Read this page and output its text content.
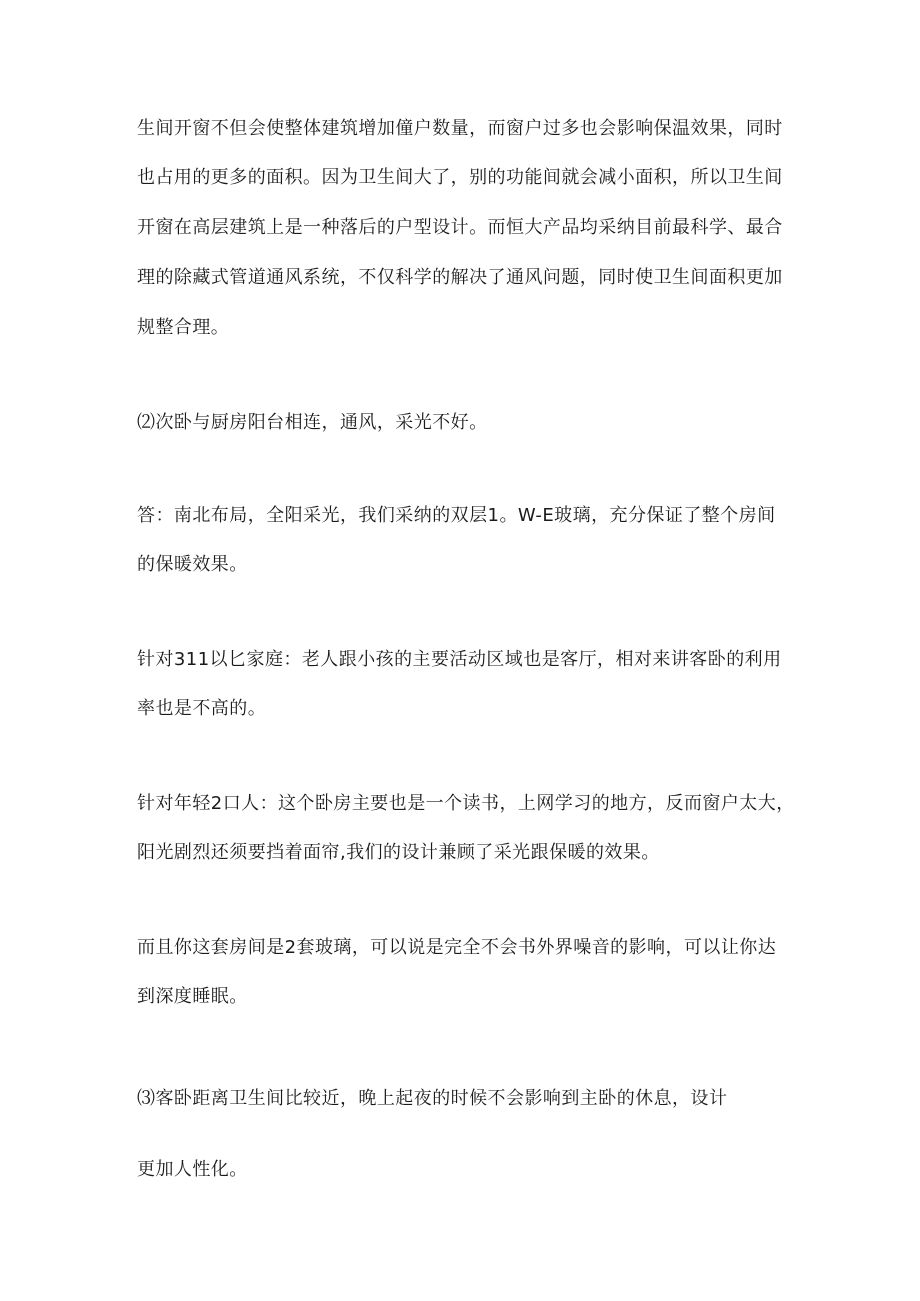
生间开窗不但会使整体建筑增加僮户数量，而窗户过多也会影响保温效果，同时
也占用的更多的面积。因为卫生间大了，别的功能间就会减小面积，所以卫生间
开窗在高层建筑上是一种落后的户型设计。而恒大产品均采纳目前最科学、最合
理的除藏式管道通风系统，不仅科学的解决了通风问题，同时使卫生间面积更加
规整合理。
⑵次卧与厨房阳台相连，通风，采光不好。
答：南北布局，全阳采光，我们采纳的双层1。W-E玻璃，充分保证了整个房间
的保暖效果。
针对311以匕家庭：老人跟小孩的主要活动区域也是客厅，相对来讲客卧的利用
率也是不高的。
针对年轻2口人：这个卧房主要也是一个读书，上网学习的地方，反而窗户太大，
阳光剧烈还须要挡着面帘,我们的设计兼顾了采光跟保暖的效果。
而且你这套房间是2套玻璃，可以说是完全不会书外界噪音的影响，可以让你达
到深度睡眠。
⑶客卧距离卫生间比较近，晚上起夜的时候不会影响到主卧的休息，设计
更加人性化。
